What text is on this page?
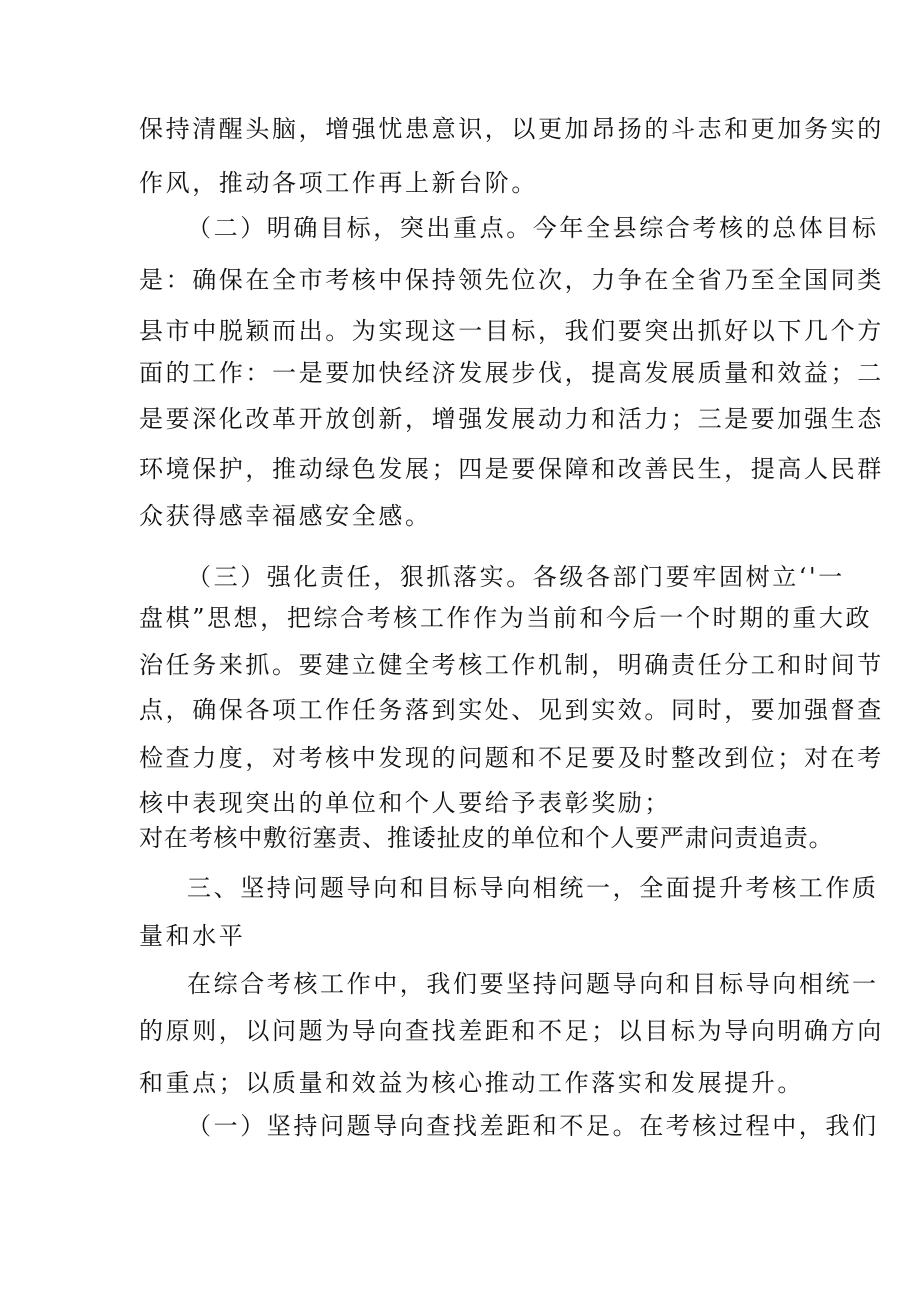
保持清醒头脑，增强忧患意识，以更加昂扬的斗志和更加务实的
作风，推动各项工作再上新台阶。
（二）明确目标，突出重点。今年全县综合考核的总体目标
是：确保在全市考核中保持领先位次，力争在全省乃至全国同类
县市中脱颖而出。为实现这一目标，我们要突出抓好以下几个方
面的工作：一是要加快经济发展步伐，提高发展质量和效益；二
是要深化改革开放创新，增强发展动力和活力；三是要加强生态
环境保护，推动绿色发展；四是要保障和改善民生，提高人民群
众获得感幸福感安全感。
（三）强化责任，狠抓落实。各级各部门要牢固树立‘'一
盘棋”思想，把综合考核工作作为当前和今后一个时期的重大政
治任务来抓。要建立健全考核工作机制，明确责任分工和时间节
点，确保各项工作任务落到实处、见到实效。同时，要加强督查
检查力度，对考核中发现的问题和不足要及时整改到位；对在考
核中表现突出的单位和个人要给予表彰奖励；
对在考核中敷衍塞责、推诿扯皮的单位和个人要严肃问责追责。
三、坚持问题导向和目标导向相统一，全面提升考核工作质
量和水平
在综合考核工作中，我们要坚持问题导向和目标导向相统一
的原则，以问题为导向查找差距和不足；以目标为导向明确方向
和重点；以质量和效益为核心推动工作落实和发展提升。
（一）坚持问题导向查找差距和不足。在考核过程中，我们
